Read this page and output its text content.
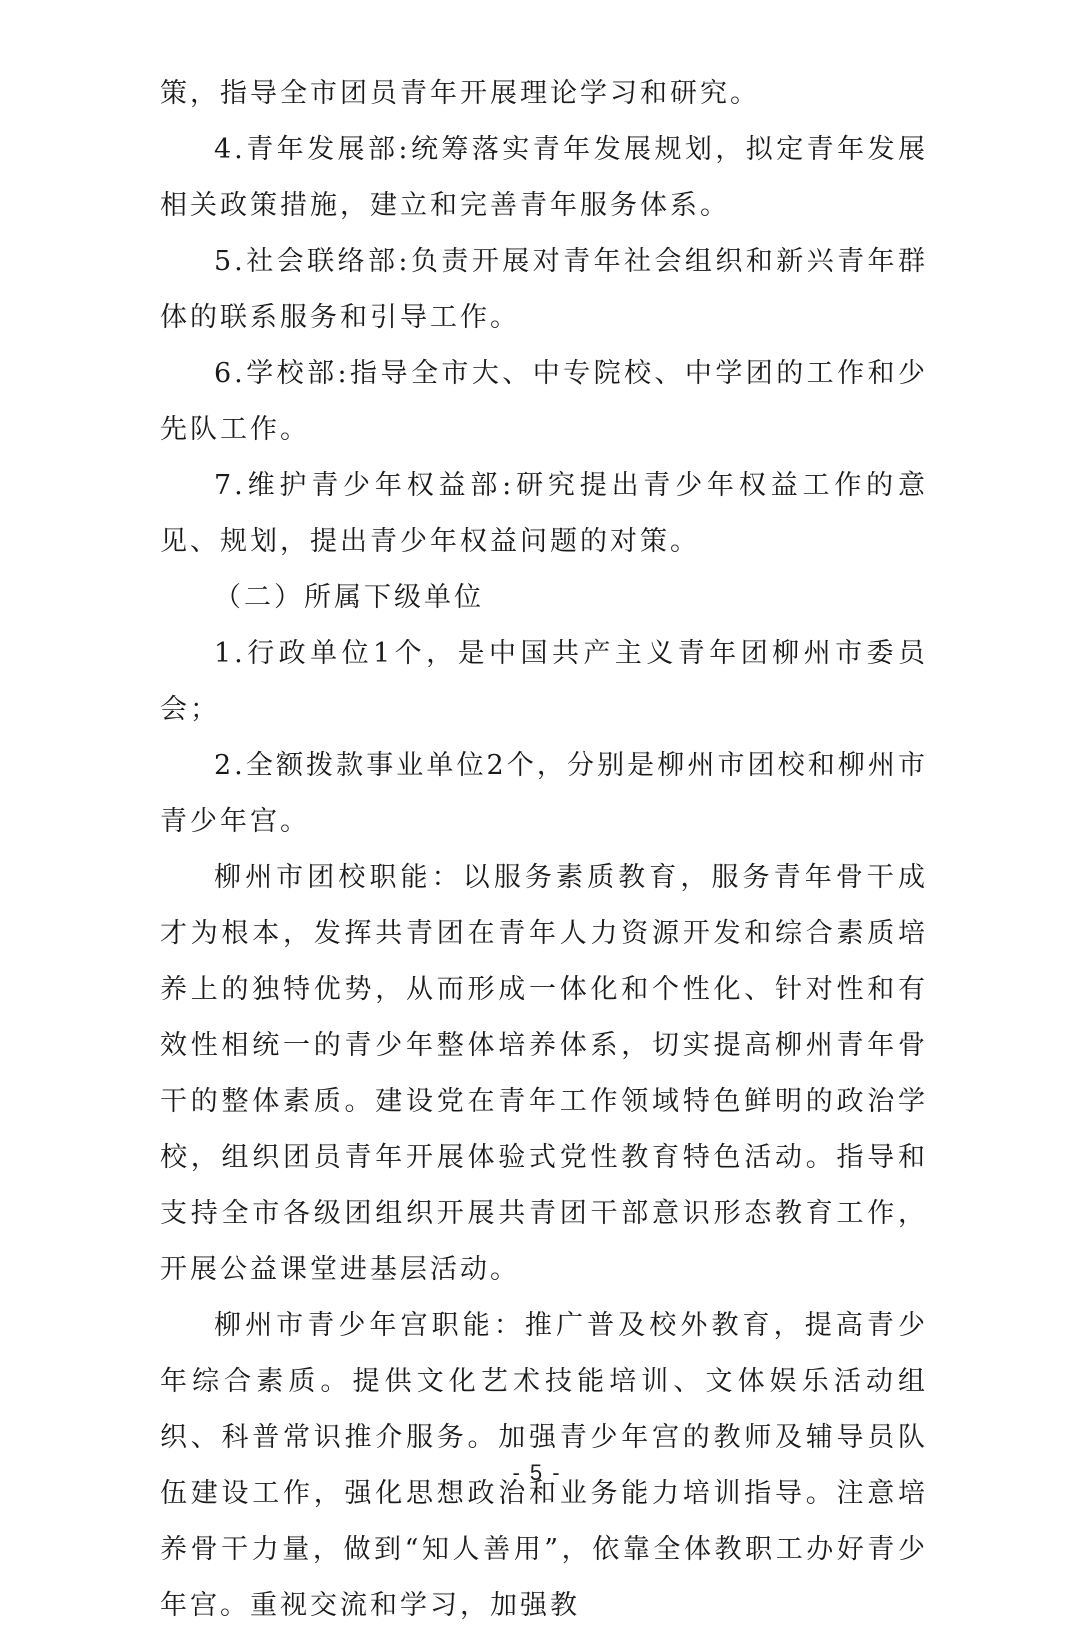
策，指导全市团员青年开展理论学习和研究。

4.青年发展部:统筹落实青年发展规划，拟定青年发展相关政策措施，建立和完善青年服务体系。

5.社会联络部:负责开展对青年社会组织和新兴青年群体的联系服务和引导工作。

6.学校部:指导全市大、中专院校、中学团的工作和少先队工作。

7.维护青少年权益部:研究提出青少年权益工作的意见、规划，提出青少年权益问题的对策。

（二）所属下级单位

1.行政单位1个，是中国共产主义青年团柳州市委员会；

2.全额拨款事业单位2个，分别是柳州市团校和柳州市青少年宫。

柳州市团校职能：以服务素质教育，服务青年骨干成才为根本，发挥共青团在青年人力资源开发和综合素质培养上的独特优势，从而形成一体化和个性化、针对性和有效性相统一的青少年整体培养体系，切实提高柳州青年骨干的整体素质。建设党在青年工作领域特色鲜明的政治学校，组织团员青年开展体验式党性教育特色活动。指导和支持全市各级团组织开展共青团干部意识形态教育工作，开展公益课堂进基层活动。

柳州市青少年宫职能：推广普及校外教育，提高青少年综合素质。提供文化艺术技能培训、文体娱乐活动组织、科普常识推介服务。加强青少年宫的教师及辅导员队伍建设工作，强化思想政治和业务能力培训指导。注意培养骨干力量，做到“知人善用”，依靠全体教职工办好青少年宫。重视交流和学习，加强教

- 5 -
